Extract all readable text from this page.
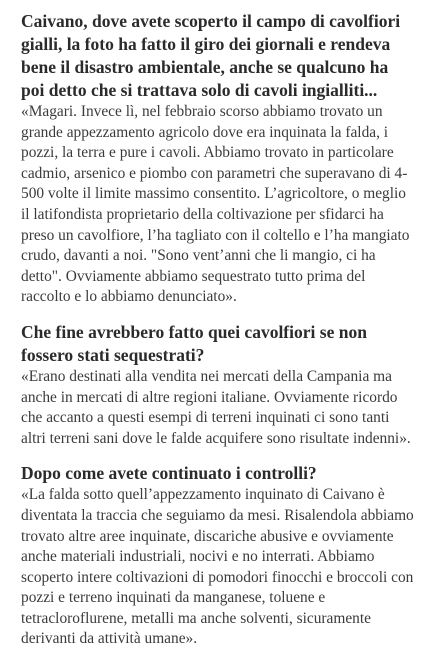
Caivano, dove avete scoperto il campo di cavolfiori gialli, la foto ha fatto il giro dei giornali e rendeva bene il disastro ambientale, anche se qualcuno ha poi detto che si trattava solo di cavoli ingialliti...

«Magari. Invece lì, nel febbraio scorso abbiamo trovato un grande appezzamento agricolo dove era inquinata la falda, i pozzi, la terra e pure i cavoli. Abbiamo trovato in particolare cadmio, arsenico e piombo con parametri che superavano di 4-500 volte il limite massimo consentito. L’agricoltore, o meglio il latifondista proprietario della coltivazione per sfidarci ha preso un cavolfiore, l’ha tagliato con il coltello e l’ha mangiato crudo, davanti a noi. "Sono vent’anni che li mangio, ci ha detto". Ovviamente abbiamo sequestrato tutto prima del raccolto e lo abbiamo denunciato».

Che fine avrebbero fatto quei cavolfiori se non fossero stati sequestrati?

«Erano destinati alla vendita nei mercati della Campania ma anche in mercati di altre regioni italiane. Ovviamente ricordo che accanto a questi esempi di terreni inquinati ci sono tanti altri terreni sani dove le falde acquifere sono risultate indenni».

Dopo come avete continuato i controlli?

«La falda sotto quell’appezzamento inquinato di Caivano è diventata la traccia che seguiamo da mesi. Risalendola abbiamo trovato altre aree inquinate, discariche abusive e ovviamente anche materiali industriali, nocivi e no interrati. Abbiamo scoperto intere coltivazioni di pomodori finocchi e broccoli con pozzi e terreno inquinati da manganese, toluene e tetracloroflurene, metalli ma anche solventi, sicuramente derivanti da attività umane».
